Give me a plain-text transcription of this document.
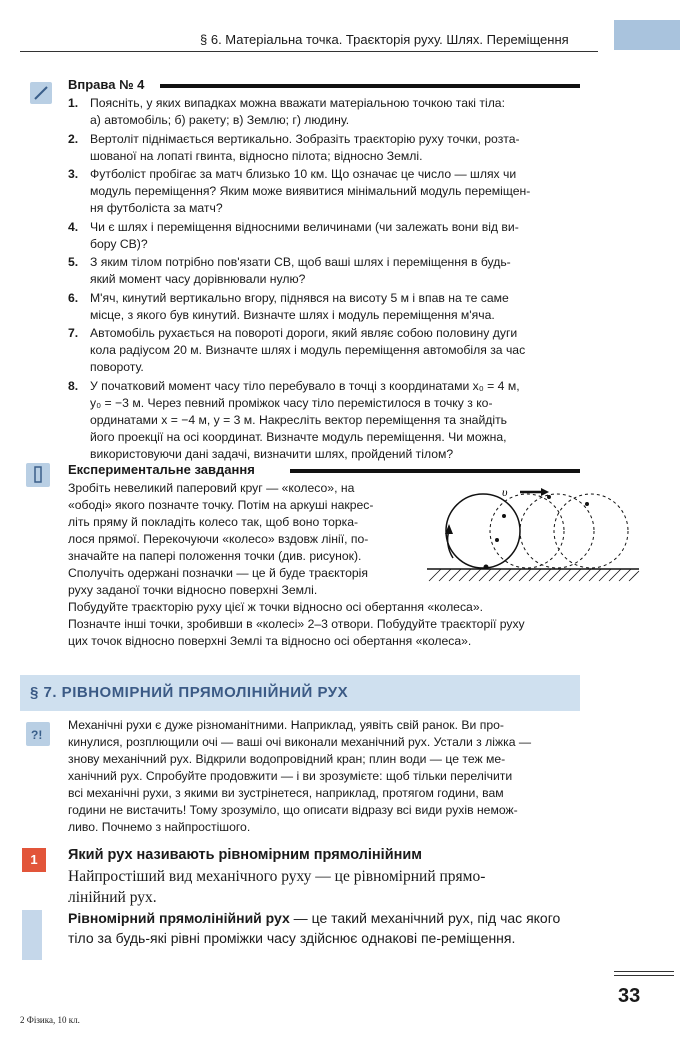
§ 6. Матеріальна точка. Траєкторія руху. Шлях. Переміщення
Вправа № 4
1. Поясніть, у яких випадках можна вважати матеріальною точкою такі тіла:
а) автомобіль; б) ракету; в) Землю; г) людину.
2. Вертоліт піднімається вертикально. Зобразіть траєкторію руху точки, розта-
шованої на лопаті гвинта, відносно пілота; відносно Землі.
3. Футболіст пробігає за матч близько 10 км. Що означає це число — шлях чи
модуль переміщення? Яким може виявитися мінімальний модуль переміщен-
ня футболіста за матч?
4. Чи є шлях і переміщення відносними величинами (чи залежать вони від ви-
бору СВ)?
5. З яким тілом потрібно пов'язати СВ, щоб ваші шлях і переміщення в будь-
який момент часу дорівнювали нулю?
6. М'яч, кинутий вертикально вгору, піднявся на висоту 5 м і впав на те саме
місце, з якого був кинутий. Визначте шлях і модуль переміщення м'яча.
7. Автомобіль рухається на повороті дороги, який являє собою половину дуги
кола радіусом 20 м. Визначте шлях і модуль переміщення автомобіля за час
повороту.
8. У початковий момент часу тіло перебувало в точці з координатами x₀ = 4 м,
y₀ = −3 м. Через певний проміжок часу тіло перемістилося в точку з ко-
ординатами x = −4 м, y = 3 м. Накресліть вектор переміщення та знайдіть
його проекції на осі координат. Визначте модуль переміщення. Чи можна,
використовуючи дані задачі, визначити шлях, пройдений тілом?
Експериментальне завдання
Зробіть невеликий паперовий круг — «колесо», на
«ободі» якого позначте точку. Потім на аркуші накрес-
літь пряму й покладіть колесо так, щоб воно торка-
лося прямої. Перекочуючи «колесо» вздовж лінії, по-
значайте на папері положення точки (див. рисунок).
Сполучіть одержані позначки — це й буде траєкторія
руху заданої точки відносно поверхні Землі.
Побудуйте траєкторію руху цієї ж точки відносно осі обертання «колеса».
Позначте інші точки, зробивши в «колесі» 2–3 отвори. Побудуйте траєкторії руху
цих точок відносно поверхні Землі та відносно осі обертання «колеса».
υ
§ 7. РІВНОМІРНИЙ ПРЯМОЛІНІЙНИЙ РУХ
?!
Механічні рухи є дуже різноманітними. Наприклад, уявіть свій ранок. Ви про-
кинулися, розплющили очі — ваші очі виконали механічний рух. Устали з ліжка —
знову механічний рух. Відкрили водопровідний кран; плин води — це теж ме-
ханічний рух. Спробуйте продовжити — і ви зрозумієте: щоб тільки перелічити
всі механічні рухи, з якими ви зустрінетеся, наприклад, протягом години, вам
години не вистачить! Тому зрозуміло, що описати відразу всі види рухів немож-
ливо. Почнемо з найпростішого.
1	Який рух називають рівномірним прямолінійним
Найпростіший вид механічного руху — це рівномірний прямо-
лінійний рух.
Рівномірний прямолінійний рух — це такий механічний рух, під час якого тіло за будь-які рівні проміжки часу здійснює однакові пе-реміщення.
2 Фізика, 10 кл.
33
